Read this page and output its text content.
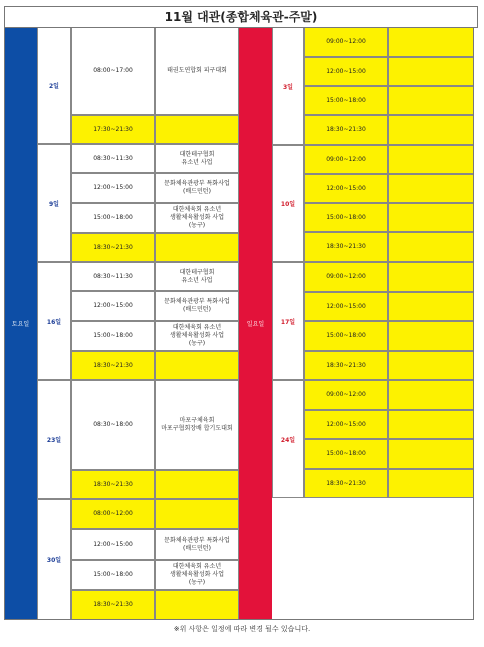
11월 대관(종합체육관-주말)
토요일
2일
9일
16일
23일
30일
08:00~17:00	태권도연합회 피구대회
17:30~21:30
08:30~11:30
대한테구협회
유소년 사업
12:00~15:00
문화체육관광부 특화사업
(배드민턴)
15:00~18:00
대한체육회 유소년
생활체육활성화 사업
(농구)
18:30~21:30
08:30~11:30
대한테구협회
유소년 사업
12:00~15:00
문화체육관광부 특화사업
(배드민턴)
15:00~18:00
대한체육회 유소년
생활체육활성화 사업
(농구)
18:30~21:30
08:30~18:00
마포구체육회
마포구협회장배 합기도대회
18:30~21:30
08:00~12:00
12:00~15:00
문화체육관광부 특화사업
(배드민턴)
15:00~18:00
대한체육회 유소년
생활체육활성화 사업
(농구)
18:30~21:30
일요일
3일
10일
17일
24일
09:00~12:00
12:00~15:00
15:00~18:00
18:30~21:30
09:00~12:00
12:00~15:00
15:00~18:00
18:30~21:30
09:00~12:00
12:00~15:00
15:00~18:00
18:30~21:30
09:00~12:00
12:00~15:00
15:00~18:00
18:30~21:30
※위 사항은 일정에 따라 변경 될수 있습니다.
